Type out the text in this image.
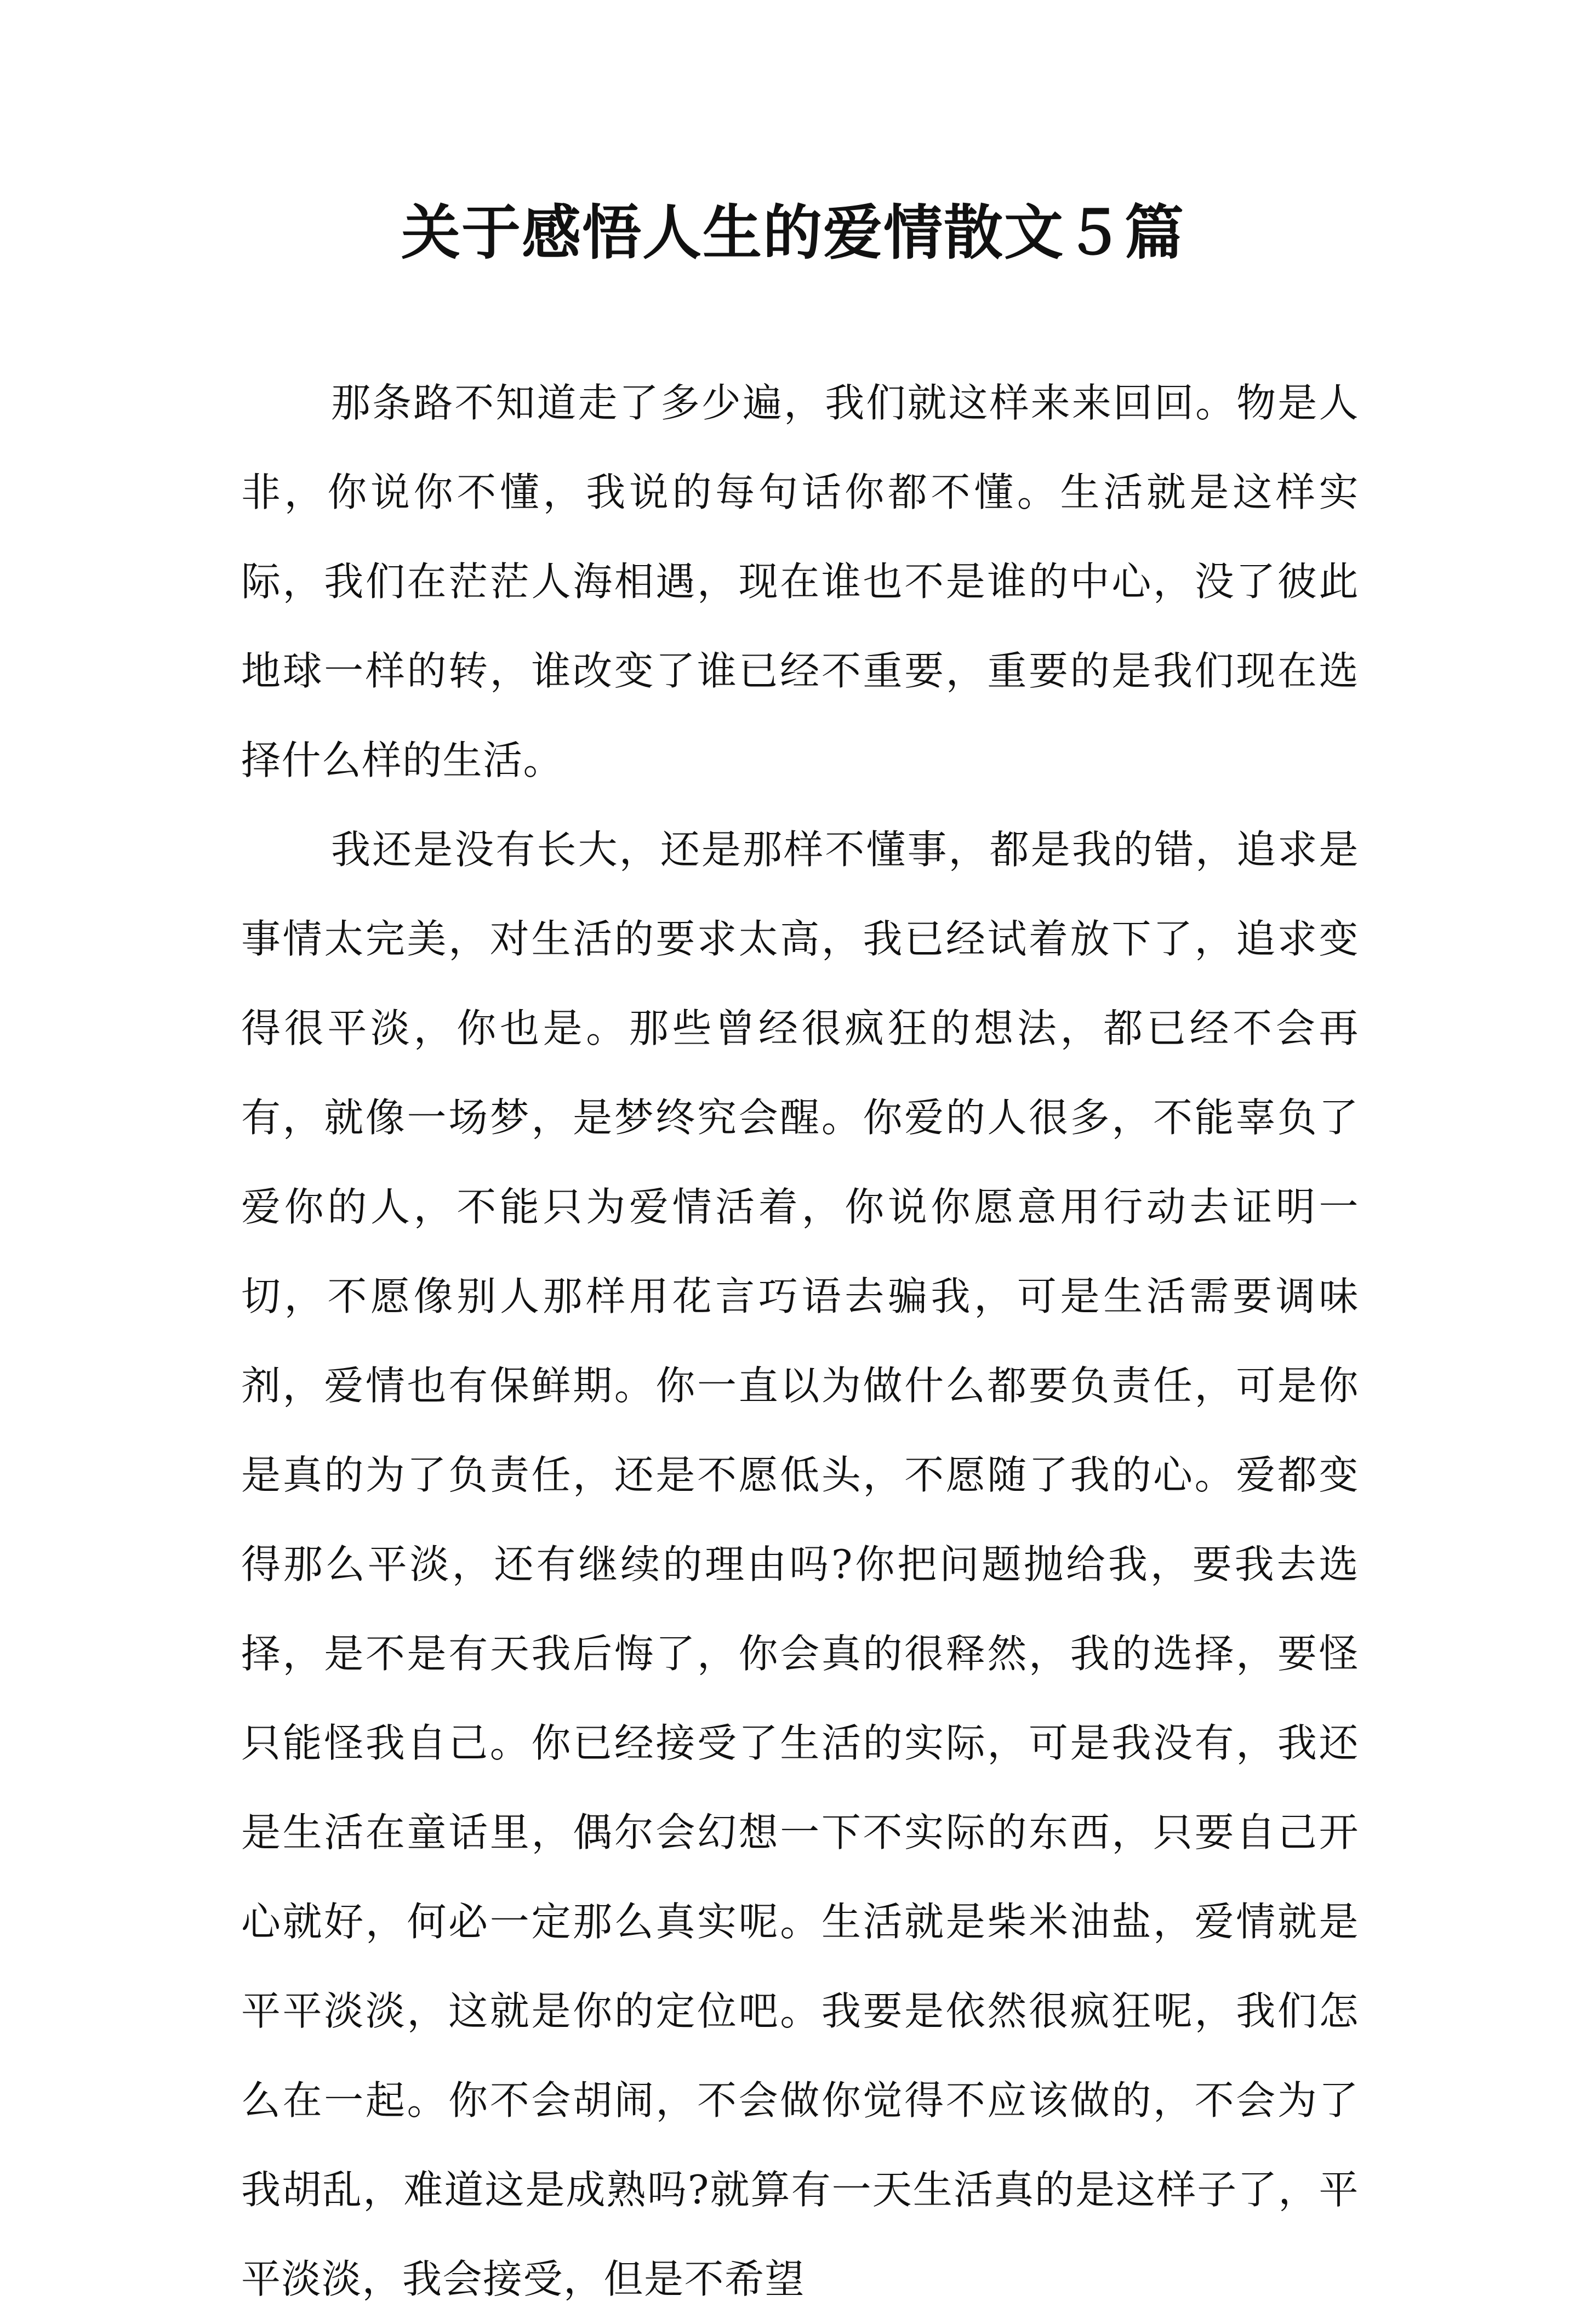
关于感悟人生的爱情散文５篇

那条路不知道走了多少遍，我们就这样来来回回。物是人非，你说你不懂，我说的每句话你都不懂。生活就是这样实际，我们在茫茫人海相遇，现在谁也不是谁的中心，没了彼此地球一样的转，谁改变了谁已经不重要，重要的是我们现在选择什么样的生活。

我还是没有长大，还是那样不懂事，都是我的错，追求是事情太完美，对生活的要求太高，我已经试着放下了，追求变得很平淡，你也是。那些曾经很疯狂的想法，都已经不会再有，就像一场梦，是梦终究会醒。你爱的人很多，不能辜负了爱你的人，不能只为爱情活着，你说你愿意用行动去证明一切，不愿像别人那样用花言巧语去骗我，可是生活需要调味剂，爱情也有保鲜期。你一直以为做什么都要负责任，可是你是真的为了负责任，还是不愿低头，不愿随了我的心。爱都变得那么平淡，还有继续的理由吗?你把问题抛给我，要我去选择，是不是有天我后悔了，你会真的很释然，我的选择，要怪只能怪我自己。你已经接受了生活的实际，可是我没有，我还是生活在童话里，偶尔会幻想一下不实际的东西，只要自己开心就好，何必一定那么真实呢。生活就是柴米油盐，爱情就是平平淡淡，这就是你的定位吧。我要是依然很疯狂呢，我们怎么在一起。你不会胡闹，不会做你觉得不应该做的，不会为了我胡乱，难道这是成熟吗?就算有一天生活真的是这样子了，平平淡淡，我会接受，但是不希望
